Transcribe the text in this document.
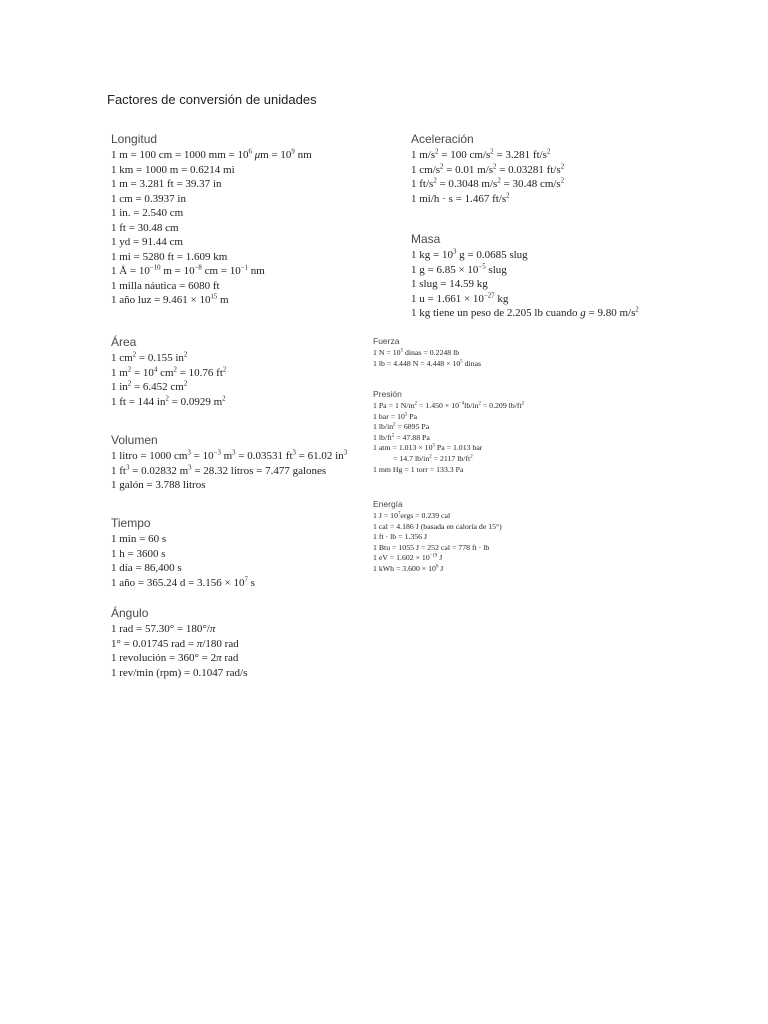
Factores de conversión de unidades
Longitud
1 m = 100 cm = 1000 mm = $10^6$ $\mu m = 10^9$ nm
1 km = 1000 m = 0.6214 mi
1 m = 3.281 ft = 39.37 in
1 cm = 0.3937 in
1 in. = 2.540 cm
1 ft = 30.48 cm
1 yd = 91.44 cm
1 mi = 5280 ft = 1.609 km
1 Å = $10^{-10}$ $m = 10^{-8}$ cm = $10^{-1}$ nm
1 milla náutica = 6080 ft
1 año luz = $9.461 \times 10^{15}$ m
Área
1 $cm^2 = 0.155$ $in^2$
1 $m^2 = 10^4$ $cm^2 = 10.76$ $ft^2$
1 $in^2 = 6.452$ $cm^2$
1 ft = 144 $in^2 = 0.0929$ $m^2$
Volumen
1 litro = 1000 $cm^3 = 10^{-3}$ $m^3 = 0.03531$ $ft^3 = 61.02$ $in^3$
1 $ft^3 = 0.02832$ $m^3 = 28.32$ litros = 7.477 galones
1 galón = 3.788 litros
Tiempo
1 min = 60 s
1 h = 3600 s
1 día = 86,400 s
1 año = 365.24 $d = 3.156 \times 10^7$ s
Ángulo
1 rad = 57.30° = 180°/π
1° = 0.01745 rad = π/180 rad
1 revolución = 360° = 2π rad
1 rev/min (rpm) = 0.1047 rad/s
Aceleración
1 $m/s^2 = 100$ $cm/s^2 = 3.281$ $ft/s^2$
1 $cm/s^2 = 0.01$ $m/s^2 = 0.03281$ $ft/s^2$
1 $ft/s^2 = 0.3048$ $m/s^2 = 30.48$ $cm/s^2$
1 mi/h · s = 1.467 $ft/s^2$
Masa
1 kg = $10^3$ g = 0.0685 slug
1 $g = 6.85 \times 10^{-5}$ slug
1 slug = 14.59 kg
1 $u = 1.661 \times 10^{-27}$ kg
1 kg tiene un peso de 2.205 lb cuando g = 9.80 $m/s^2$
Fuerza
1 $N = 10^5$ dinas = 0.2248 lb
1 lb = 4.448 $N = 4.448 \times 10^5$ dinas
Presión
1 Pa = 1 $N/m^2 = 1.450 \times 10^{-4}lb/in^2 = 0.209$ $lb/ft^2$
1 bar = $10^5$ Pa
1 $lb/in^2 = 6895$ Pa
1 $lb/ft^2 = 47.88$ Pa
1 atm = $1.013 \times 10^5$ Pa = 1.013 bar
= 14.7 $lb/in^2 = 2117$ $lb/ft^2$
1 mm Hg = 1 torr = 133.3 Pa
Energía
1 $J = 10^7ergs = 0.239$ cal
1 cal = 4.186 J (basada en caloría de 15°)
1 ft · lb = 1.356 J
1 Btu = 1055 J = 252 cal = 778 ft · lb
1 eV = $1.602 \times 10^{-19}$ J
1 kWh = $3.600 \times 10^6$ J
